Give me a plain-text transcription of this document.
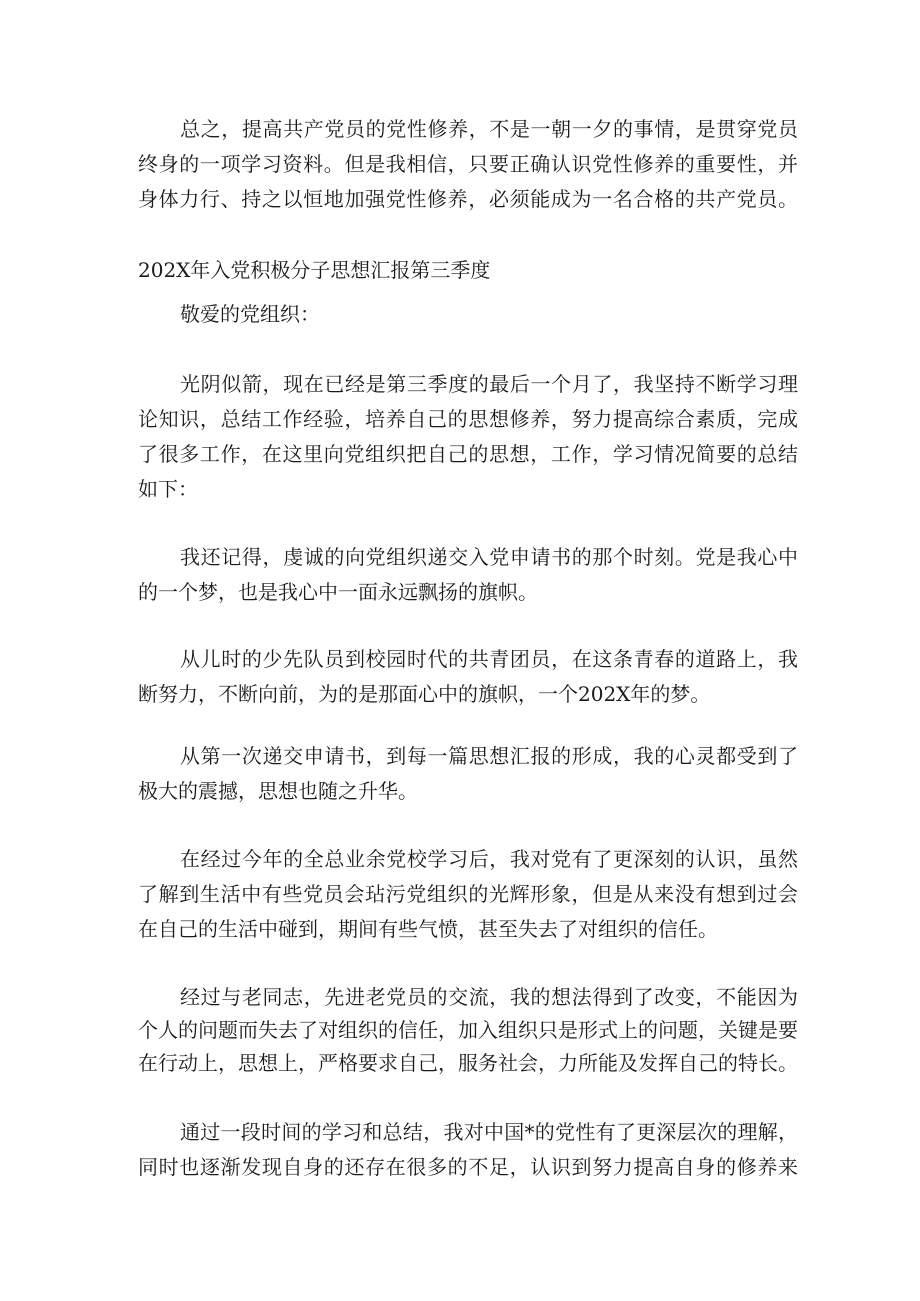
总之，提高共产党员的党性修养，不是一朝一夕的事情，是贯穿党员
终身的一项学习资料。但是我相信，只要正确认识党性修养的重要性，并
身体力行、持之以恒地加强党性修养，必须能成为一名合格的共产党员。
202X年入党积极分子思想汇报第三季度
敬爱的党组织：
光阴似箭，现在已经是第三季度的最后一个月了，我坚持不断学习理
论知识，总结工作经验，培养自己的思想修养，努力提高综合素质，完成
了很多工作，在这里向党组织把自己的思想，工作，学习情况简要的总结
如下：
我还记得，虔诚的向党组织递交入党申请书的那个时刻。党是我心中
的一个梦，也是我心中一面永远飘扬的旗帜。
从儿时的少先队员到校园时代的共青团员，在这条青春的道路上，我
断努力，不断向前，为的是那面心中的旗帜，一个202X年的梦。
从第一次递交申请书，到每一篇思想汇报的形成，我的心灵都受到了
极大的震撼，思想也随之升华。
在经过今年的全总业余党校学习后，我对党有了更深刻的认识，虽然
了解到生活中有些党员会玷污党组织的光辉形象，但是从来没有想到过会
在自己的生活中碰到，期间有些气愤，甚至失去了对组织的信任。
经过与老同志，先进老党员的交流，我的想法得到了改变，不能因为
个人的问题而失去了对组织的信任，加入组织只是形式上的问题，关键是要
在行动上，思想上，严格要求自己，服务社会，力所能及发挥自己的特长。
通过一段时间的学习和总结，我对中国*的党性有了更深层次的理解，
同时也逐渐发现自身的还存在很多的不足，认识到努力提高自身的修养来
